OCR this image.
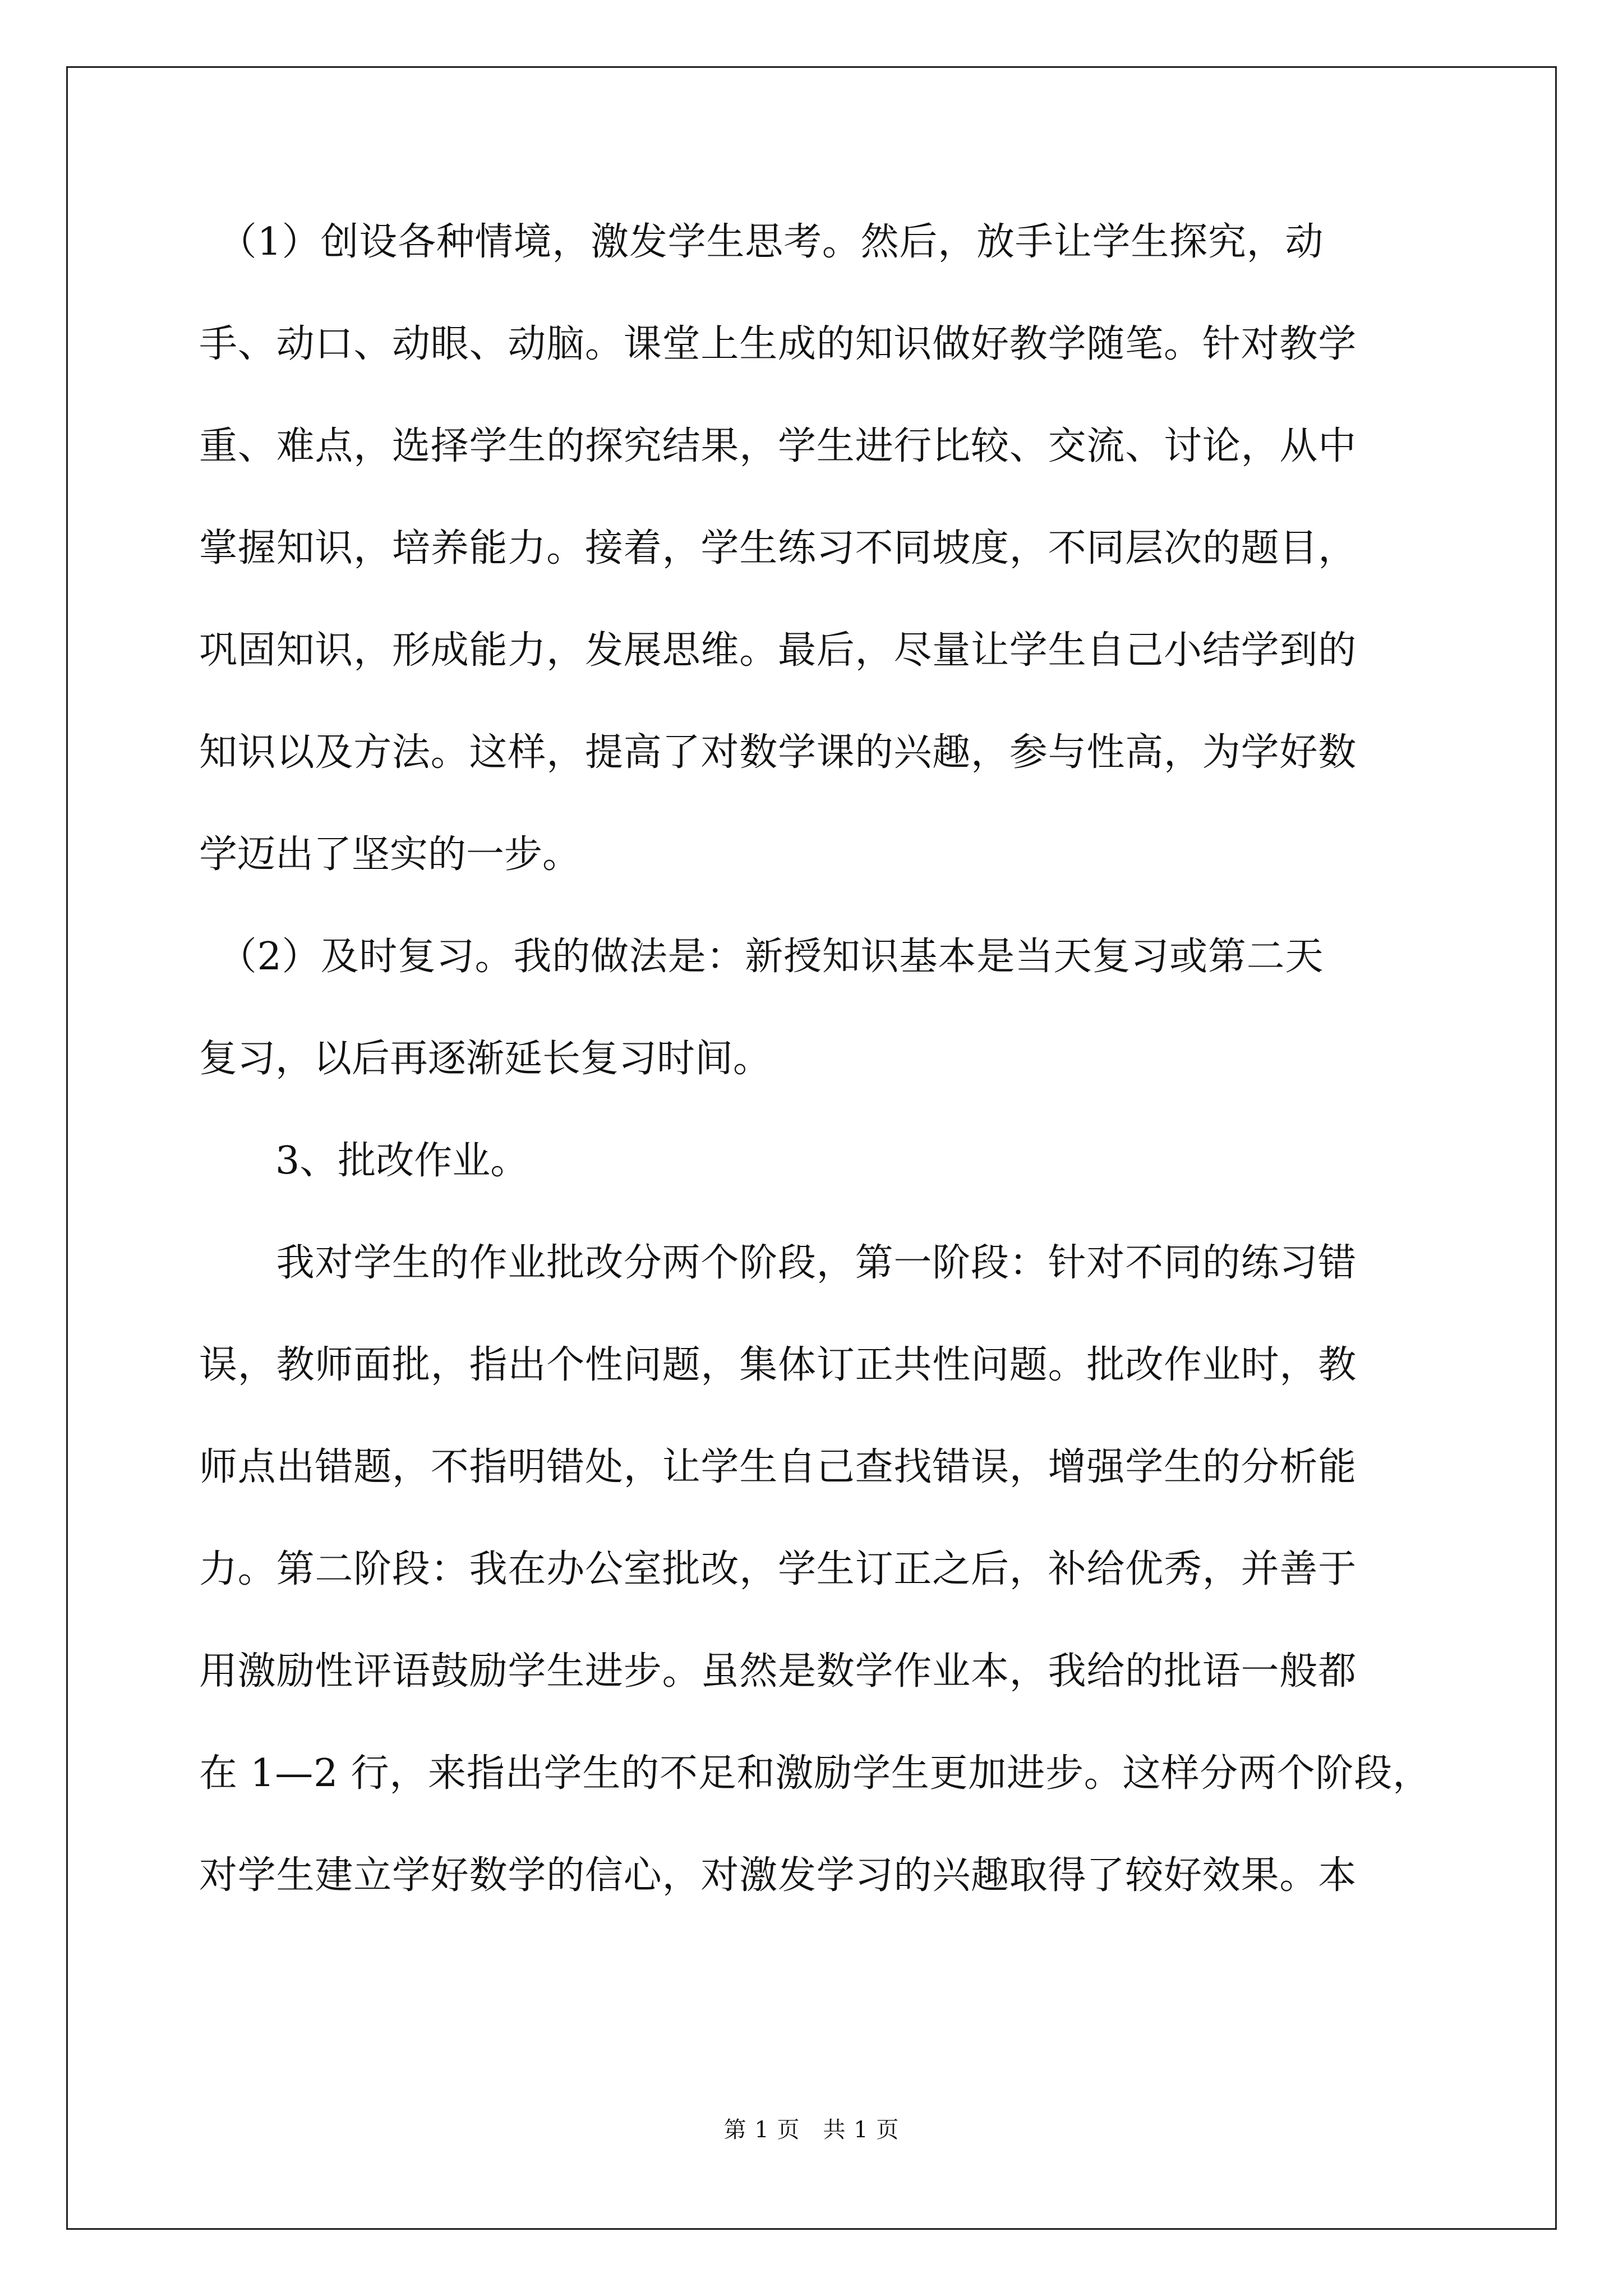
　（1）创设各种情境，激发学生思考。然后，放手让学生探究，动
手、动口、动眼、动脑。课堂上生成的知识做好教学随笔。针对教学
重、难点，选择学生的探究结果，学生进行比较、交流、讨论，从中
掌握知识，培养能力。接着，学生练习不同坡度，不同层次的题目，
巩固知识，形成能力，发展思维。最后，尽量让学生自己小结学到的
知识以及方法。这样，提高了对数学课的兴趣，参与性高，为学好数
学迈出了坚实的一步。
　（2）及时复习。我的做法是：新授知识基本是当天复习或第二天
复习，以后再逐渐延长复习时间。
　　3、批改作业。
　　我对学生的作业批改分两个阶段，第一阶段：针对不同的练习错
误，教师面批，指出个性问题，集体订正共性问题。批改作业时，教
师点出错题，不指明错处，让学生自己查找错误，增强学生的分析能
力。第二阶段：我在办公室批改，学生订正之后，补给优秀，并善于
用激励性评语鼓励学生进步。虽然是数学作业本，我给的批语一般都
在 1—2 行，来指出学生的不足和激励学生更加进步。这样分两个阶段，
对学生建立学好数学的信心，对激发学习的兴趣取得了较好效果。本
第 1 页　共 1 页
